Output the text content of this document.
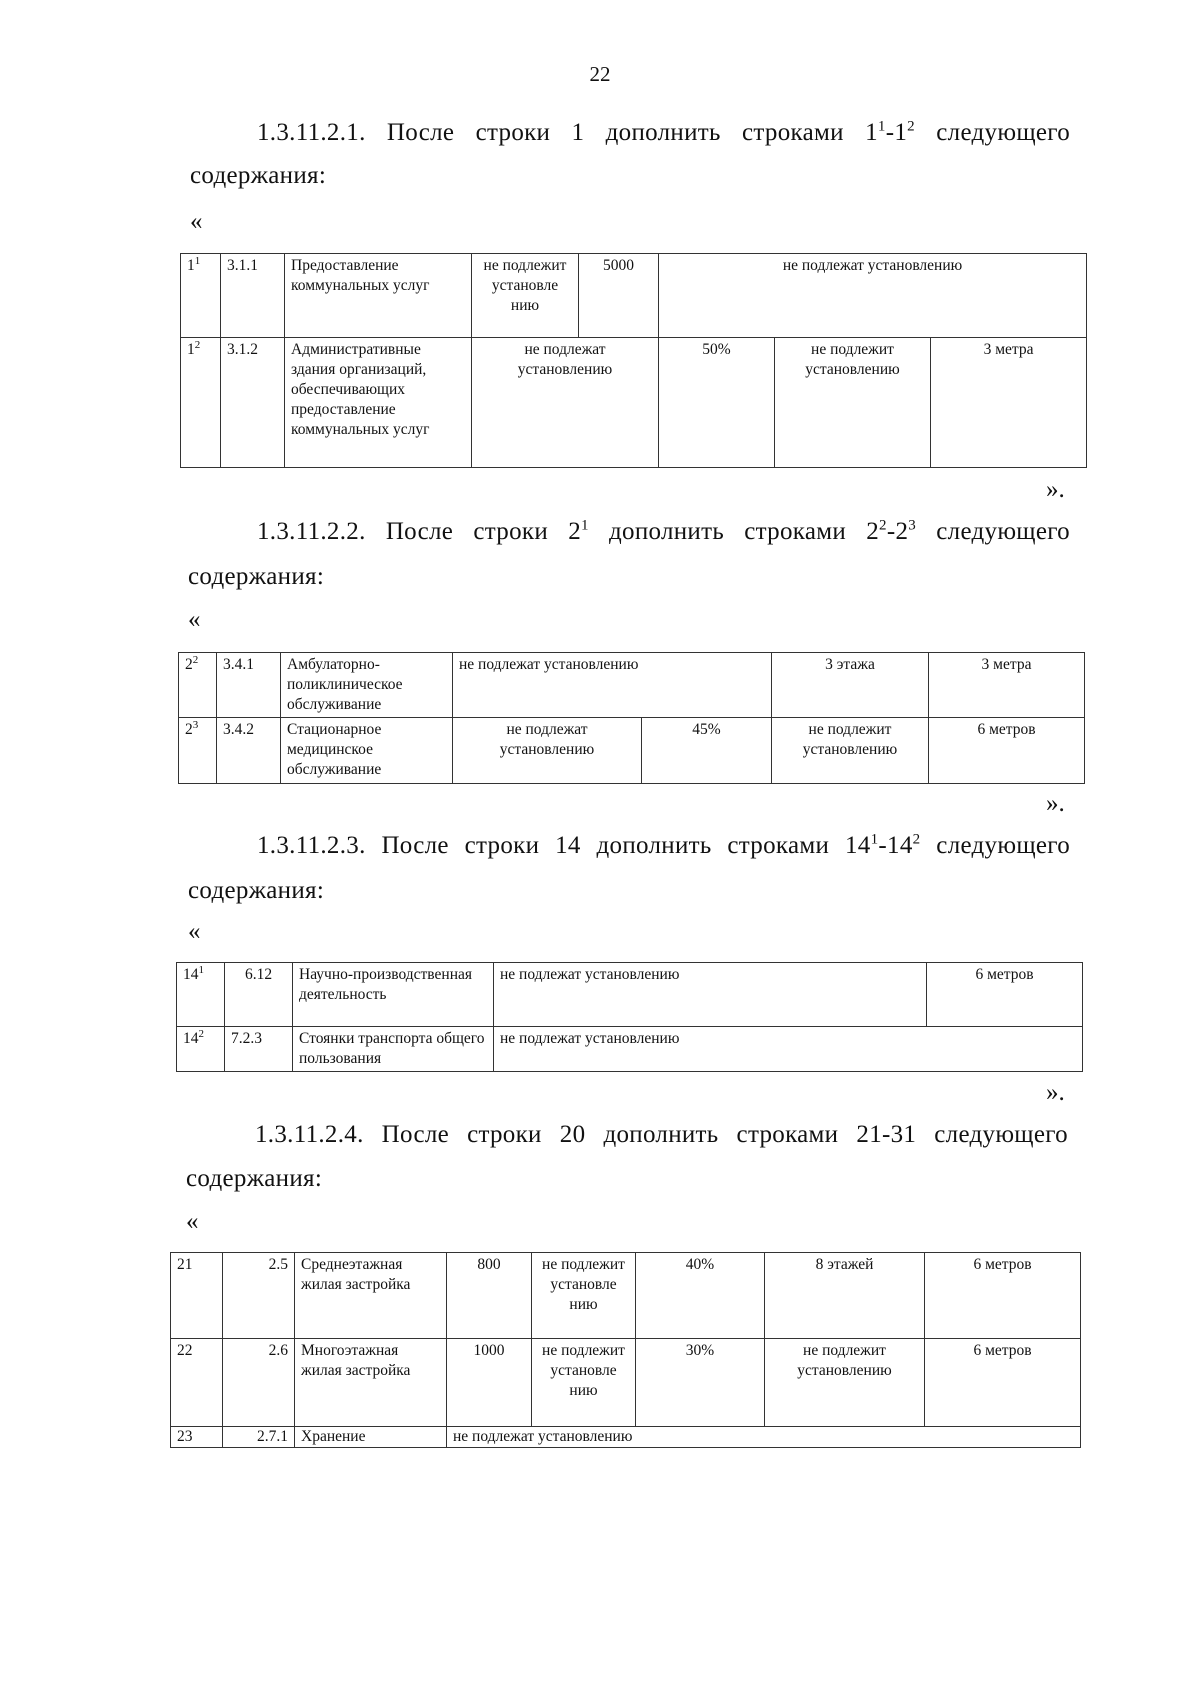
22
1.3.11.2.1. После строки 1 дополнить строками $1^1-1^2$ следующего
содержания:
«
$1^1$	3.1.1	Предоставление коммунальных услуг	не подлежит установле нию	5000	не подлежат установлению		
$1^2$	3.1.2	Административные здания организаций, обеспечивающих предоставление коммунальных услуг	не подлежат установлению		50%	не подлежит установлению	3 метра
».
1.3.11.2.2. После строки $2^1$ дополнить строками $2^2-2^3$ следующего
содержания:
«
$2^2$	3.4.1	Амбулаторно-поликлиническое обслуживание	не подлежат установлению		3 этажа	3 метра
$2^3$	3.4.2	Стационарное медицинское обслуживание	не подлежат установлению	45%	не подлежит установлению	6 метров
».
1.3.11.2.3. После строки 14 дополнить строками $14^1-14^2$ следующего
содержания:
«
$14^1$	6.12	Научно-производственная деятельность	не подлежат установлению	6 метров
$14^2$	7.2.3	Стоянки транспорта общего пользования	не подлежат установлению	
».
1.3.11.2.4. После строки 20 дополнить строками 21-31 следующего
содержания:
«
21	2.5	Среднеэтажная жилая застройка	800	не подлежит установле нию	40%	8 этажей	6 метров
22	2.6	Многоэтажная жилая застройка	1000	не подлежит установле нию	30%	не подлежит установлению	6 метров
23	2.7.1	Хранение	не подлежат установлению				
